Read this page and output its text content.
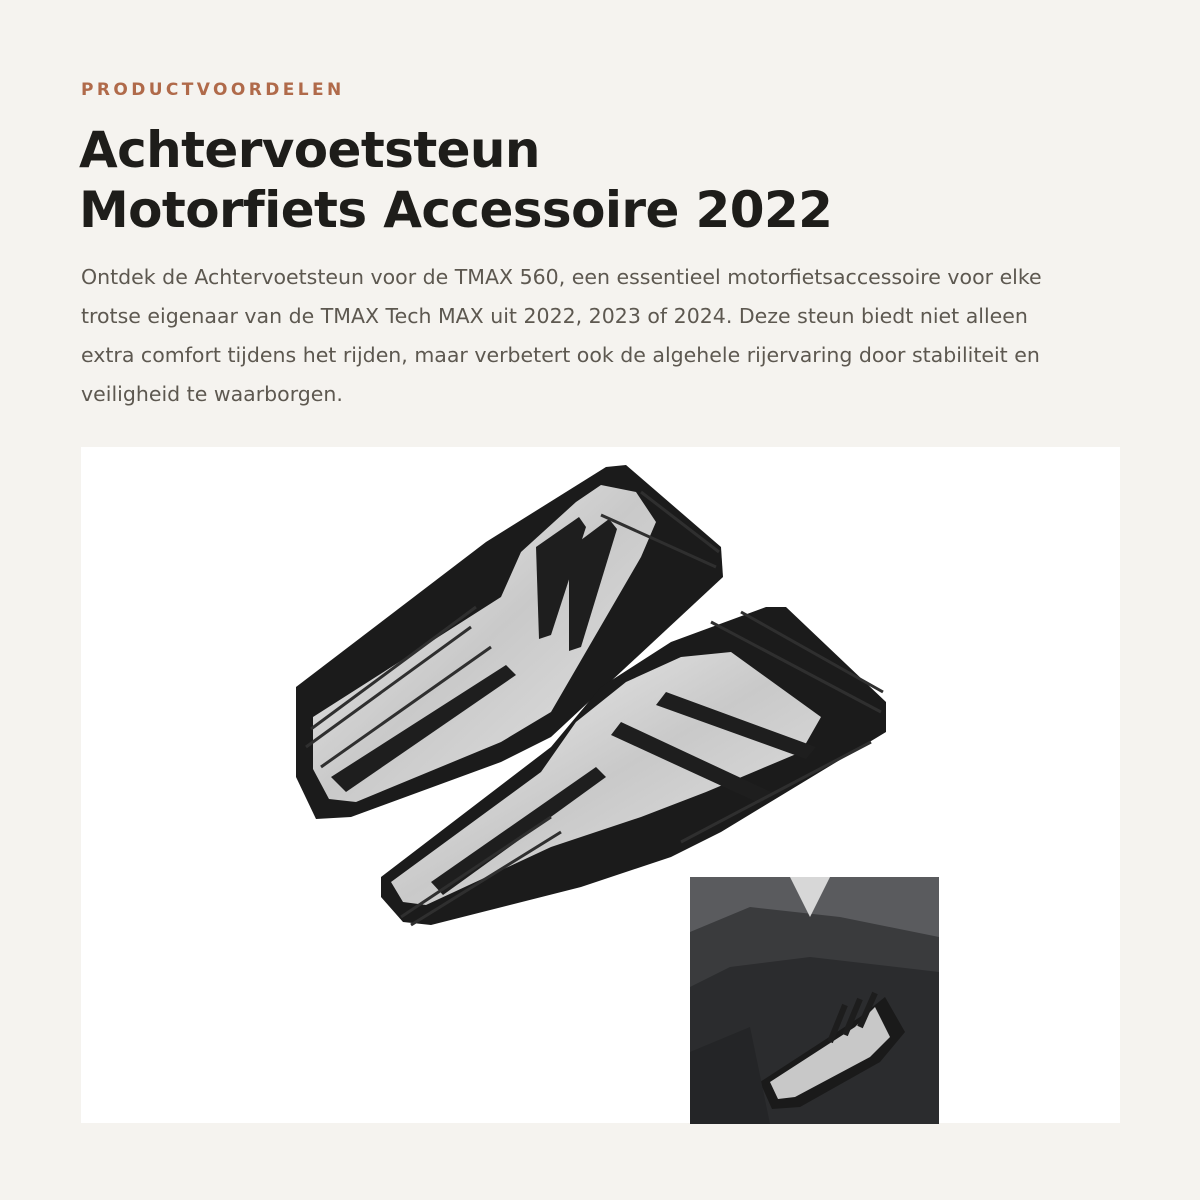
PRODUCTVOORDELEN
Achtervoetsteun
Motorfiets Accessoire 2022

Ontdek de Achtervoetsteun voor de TMAX 560, een essentieel motorfietsaccessoire voor elke trotse eigenaar van de TMAX Tech MAX uit 2022, 2023 of 2024. Deze steun biedt niet alleen extra comfort tijdens het rijden, maar verbetert ook de algehele rijervaring door stabiliteit en veiligheid te waarborgen.
